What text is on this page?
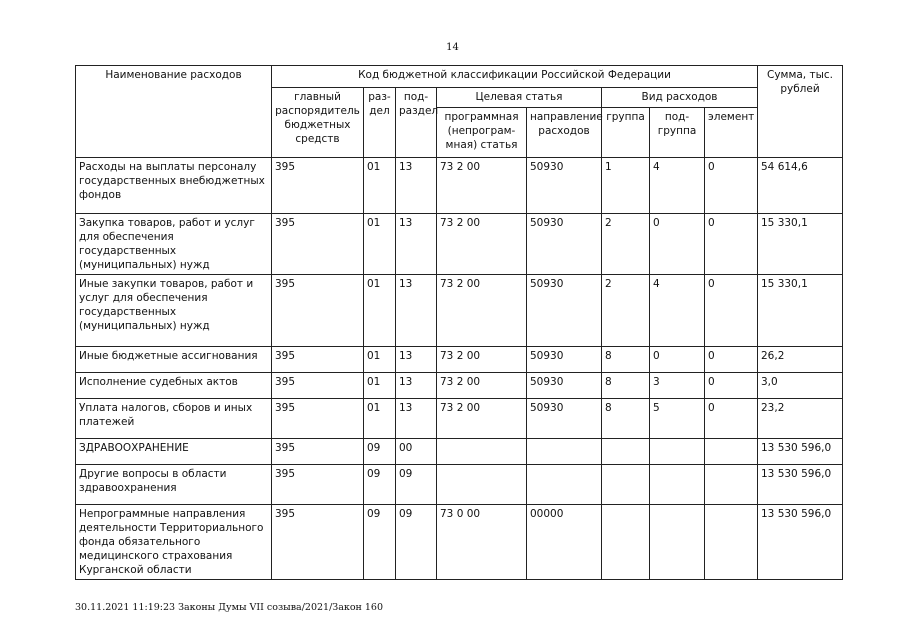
14
Наименование расходов	Код бюджетной классификации Российской Федерации								Сумма, тыс. рублей
	главный распорядитель бюджетных средств	раз-дел	под-раздел	Целевая статья		Вид расходов			
				программная (непрограм-мная) статья	направление расходов	группа	под-группа	элемент	
Расходы на выплаты персоналу государственных внебюджетных фондов	395	01	13	73 2 00	50930	1	4	0	54 614,6
Закупка товаров, работ и услуг для обеспечения государственных (муниципальных) нужд	395	01	13	73 2 00	50930	2	0	0	15 330,1
Иные закупки товаров, работ и услуг для обеспечения государственных (муниципальных) нужд	395	01	13	73 2 00	50930	2	4	0	15 330,1
Иные бюджетные ассигнования	395	01	13	73 2 00	50930	8	0	0	26,2
Исполнение судебных актов	395	01	13	73 2 00	50930	8	3	0	3,0
Уплата налогов, сборов и иных платежей	395	01	13	73 2 00	50930	8	5	0	23,2
ЗДРАВООХРАНЕНИЕ	395	09	00						13 530 596,0
Другие вопросы в области здравоохранения	395	09	09						13 530 596,0
Непрограммные направления деятельности Территориального фонда обязательного медицинского страхования Курганской области	395	09	09	73 0 00	00000				13 530 596,0
30.11.2021 11:19:23 Законы Думы VII созыва/2021/Закон 160
